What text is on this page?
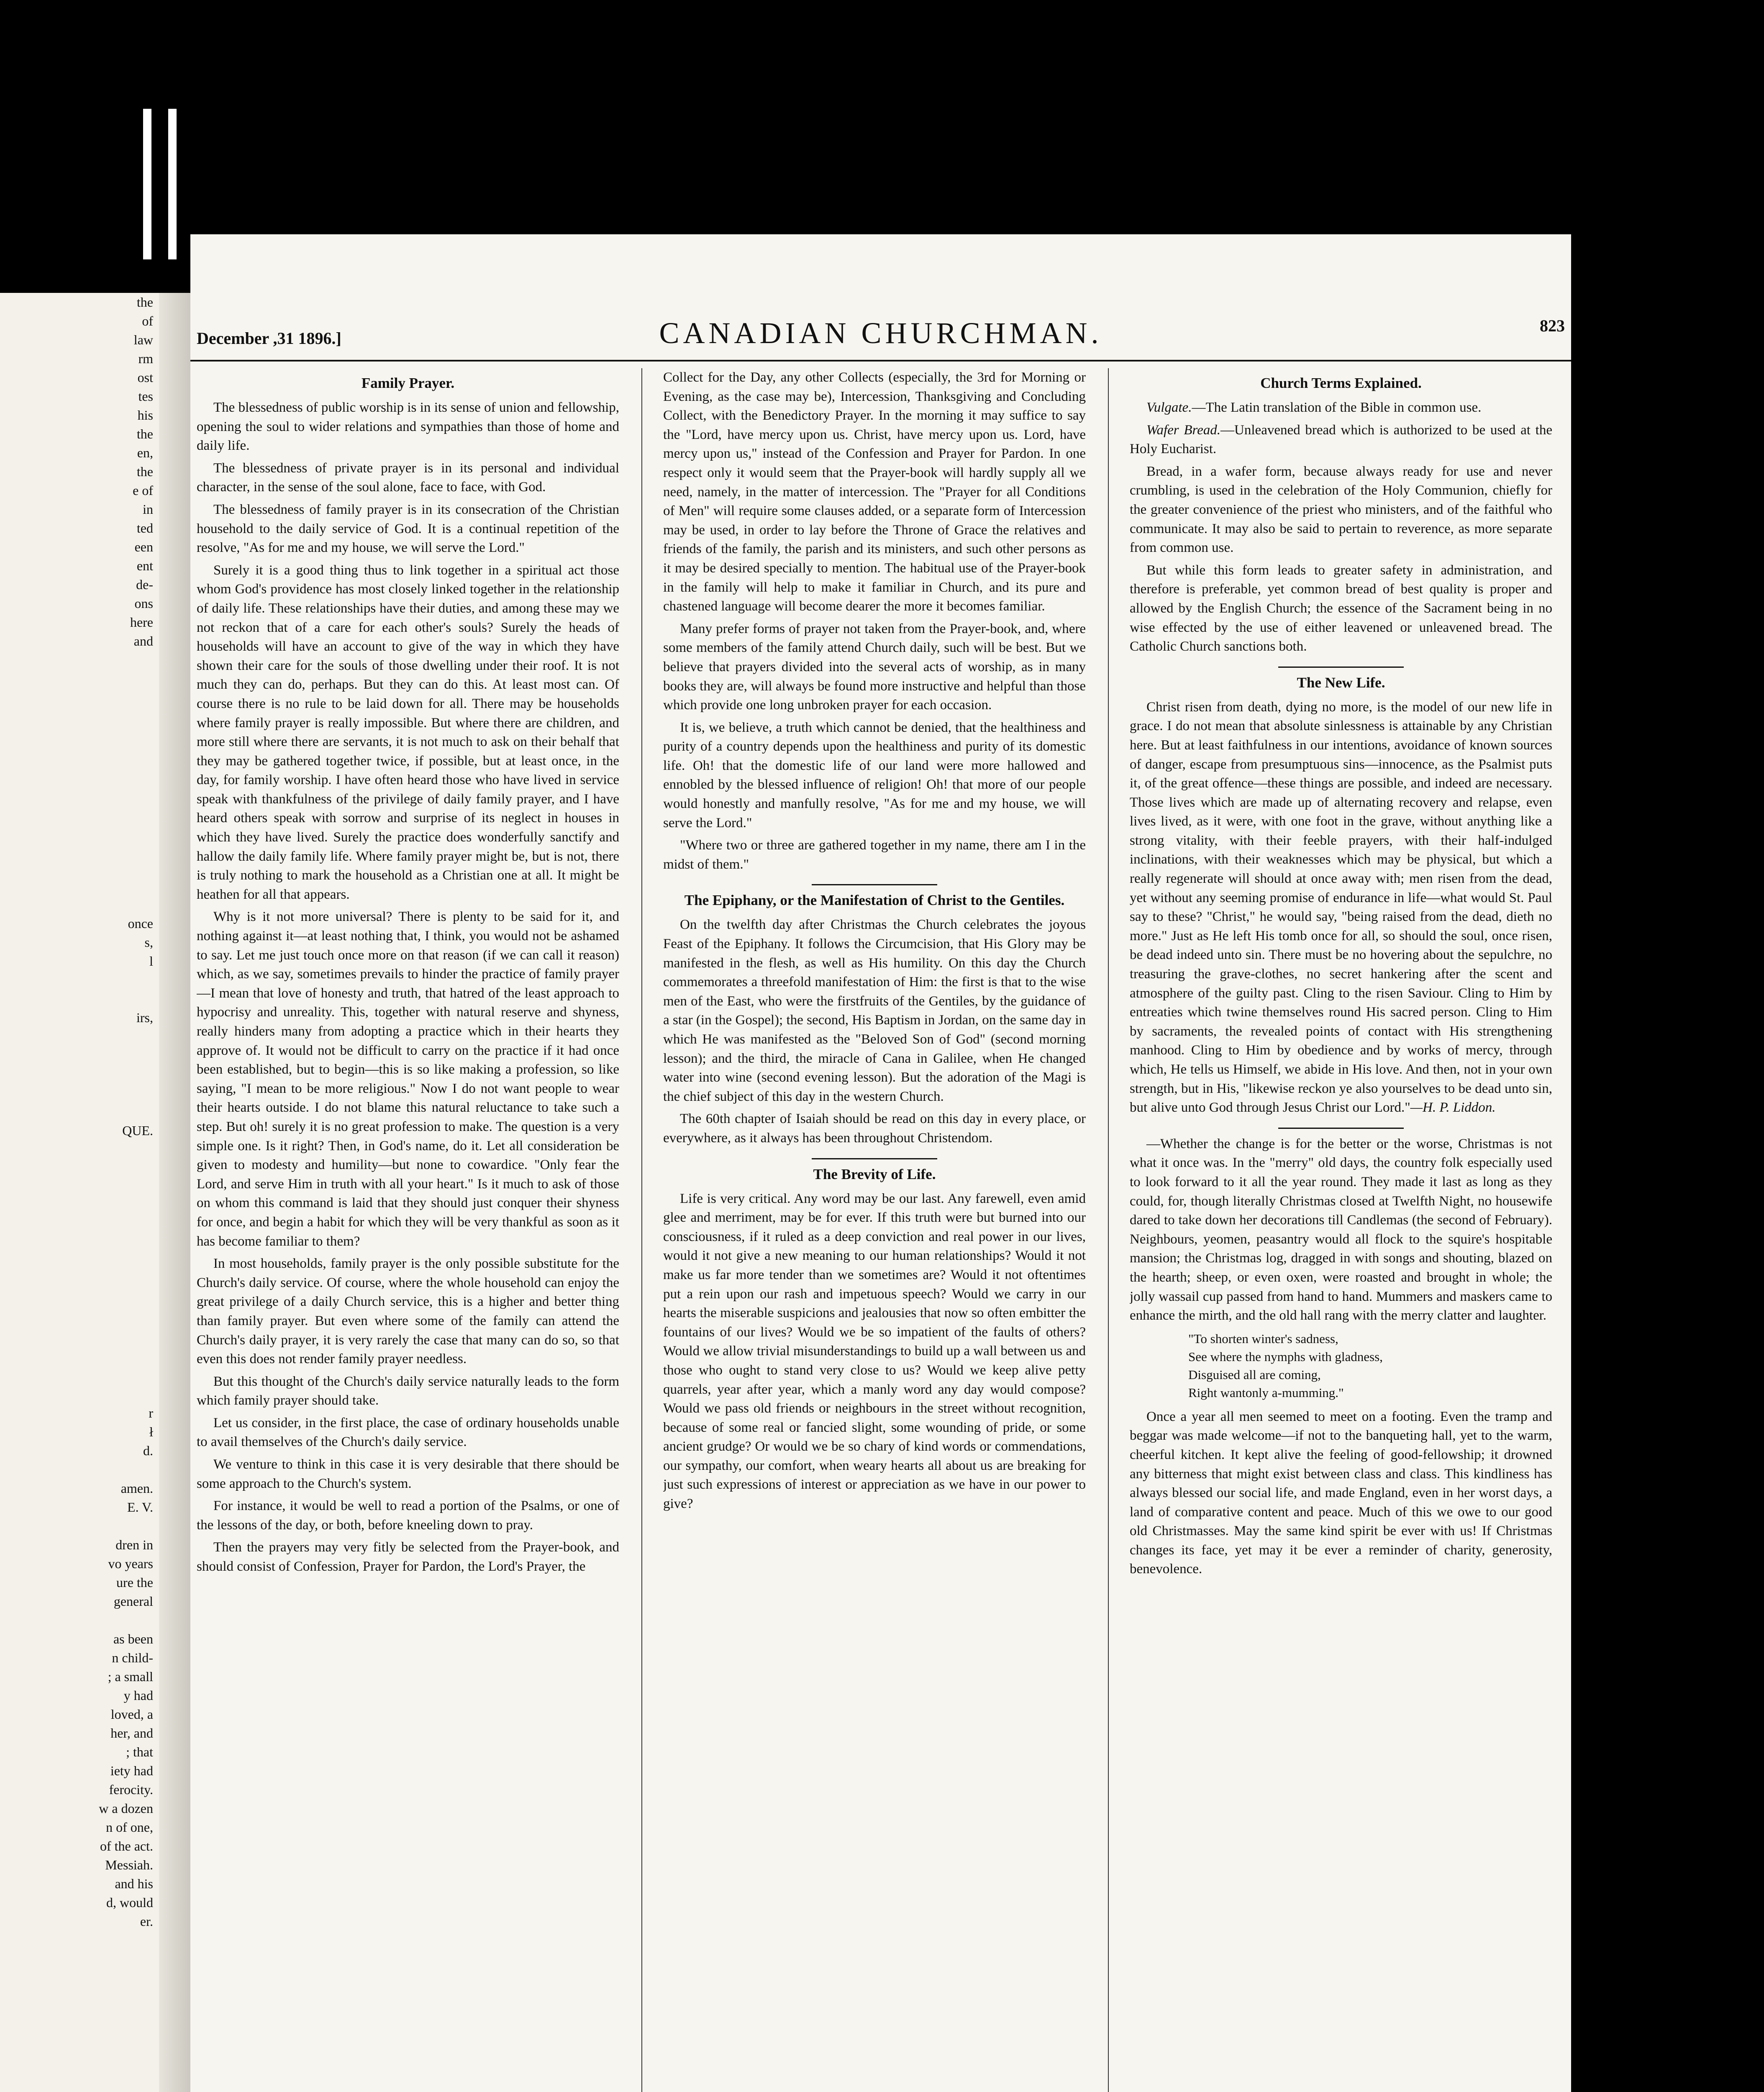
the

of

law

rm

ost

tes

his

the

en,

the

e of

in

ted

een

ent

de-

ons

here

and

once

s,

l

irs,

QUE.

r

ł

d.

amen.

E. V.

dren in

vo years

ure the

general

as been

n child-

; a small

y had

loved, a

her, and

; that

iety had

ferocity.

w a dozen

n of one,

of the act.

Messiah.

and his

d, would

er.

December ,31 1896.]	CANADIAN CHURCHMAN.	823
Family Prayer.

The blessedness of public worship is in its sense of union and fellowship, opening the soul to wider relations and sympathies than those of home and daily life.

The blessedness of private prayer is in its personal and individual character, in the sense of the soul alone, face to face, with God.

The blessedness of family prayer is in its consecration of the Christian household to the daily service of God. It is a continual repetition of the resolve, "As for me and my house, we will serve the Lord."

Surely it is a good thing thus to link together in a spiritual act those whom God's providence has most closely linked together in the relationship of daily life. These relationships have their duties, and among these may we not reckon that of a care for each other's souls? Surely the heads of households will have an account to give of the way in which they have shown their care for the souls of those dwelling under their roof. It is not much they can do, perhaps. But they can do this. At least most can. Of course there is no rule to be laid down for all. There may be households where family prayer is really impossible. But where there are children, and more still where there are servants, it is not much to ask on their behalf that they may be gathered together twice, if possible, but at least once, in the day, for family worship. I have often heard those who have lived in service speak with thankfulness of the privilege of daily family prayer, and I have heard others speak with sorrow and surprise of its neglect in houses in which they have lived. Surely the practice does wonderfully sanctify and hallow the daily family life. Where family prayer might be, but is not, there is truly nothing to mark the household as a Christian one at all. It might be heathen for all that appears.

Why is it not more universal? There is plenty to be said for it, and nothing against it—at least nothing that, I think, you would not be ashamed to say. Let me just touch once more on that reason (if we can call it reason) which, as we say, sometimes prevails to hinder the practice of family prayer—I mean that love of honesty and truth, that hatred of the least approach to hypocrisy and unreality. This, together with natural reserve and shyness, really hinders many from adopting a practice which in their hearts they approve of. It would not be difficult to carry on the practice if it had once been established, but to begin—this is so like making a profession, so like saying, "I mean to be more religious." Now I do not want people to wear their hearts outside. I do not blame this natural reluctance to take such a step. But oh! surely it is no great profession to make. The question is a very simple one. Is it right? Then, in God's name, do it. Let all consideration be given to modesty and humility—but none to cowardice. "Only fear the Lord, and serve Him in truth with all your heart." Is it much to ask of those on whom this command is laid that they should just conquer their shyness for once, and begin a habit for which they will be very thankful as soon as it has become familiar to them?

In most households, family prayer is the only possible substitute for the Church's daily service. Of course, where the whole household can enjoy the great privilege of a daily Church service, this is a higher and better thing than family prayer. But even where some of the family can attend the Church's daily prayer, it is very rarely the case that many can do so, so that even this does not render family prayer needless.

But this thought of the Church's daily service naturally leads to the form which family prayer should take.

Let us consider, in the first place, the case of ordinary households unable to avail themselves of the Church's daily service.

We venture to think in this case it is very desirable that there should be some approach to the Church's system.

For instance, it would be well to read a portion of the Psalms, or one of the lessons of the day, or both, before kneeling down to pray.

Then the prayers may very fitly be selected from the Prayer-book, and should consist of Confession, Prayer for Pardon, the Lord's Prayer, the

Collect for the Day, any other Collects (especially, the 3rd for Morning or Evening, as the case may be), Intercession, Thanksgiving and Concluding Collect, with the Benedictory Prayer. In the morning it may suffice to say the "Lord, have mercy upon us. Christ, have mercy upon us. Lord, have mercy upon us," instead of the Confession and Prayer for Pardon. In one respect only it would seem that the Prayer-book will hardly supply all we need, namely, in the matter of intercession. The "Prayer for all Conditions of Men" will require some clauses added, or a separate form of Intercession may be used, in order to lay before the Throne of Grace the relatives and friends of the family, the parish and its ministers, and such other persons as it may be desired specially to mention. The habitual use of the Prayer-book in the family will help to make it familiar in Church, and its pure and chastened language will become dearer the more it becomes familiar.

Many prefer forms of prayer not taken from the Prayer-book, and, where some members of the family attend Church daily, such will be best. But we believe that prayers divided into the several acts of worship, as in many books they are, will always be found more instructive and helpful than those which provide one long unbroken prayer for each occasion.

It is, we believe, a truth which cannot be denied, that the healthiness and purity of a country depends upon the healthiness and purity of its domestic life. Oh! that the domestic life of our land were more hallowed and ennobled by the blessed influence of religion! Oh! that more of our people would honestly and manfully resolve, "As for me and my house, we will serve the Lord."

"Where two or three are gathered together in my name, there am I in the midst of them."

The Epiphany, or the Manifestation of Christ to the Gentiles.

On the twelfth day after Christmas the Church celebrates the joyous Feast of the Epiphany. It follows the Circumcision, that His Glory may be manifested in the flesh, as well as His humility. On this day the Church commemorates a threefold manifestation of Him: the first is that to the wise men of the East, who were the firstfruits of the Gentiles, by the guidance of a star (in the Gospel); the second, His Baptism in Jordan, on the same day in which He was manifested as the "Beloved Son of God" (second morning lesson); and the third, the miracle of Cana in Galilee, when He changed water into wine (second evening lesson). But the adoration of the Magi is the chief subject of this day in the western Church.

The 60th chapter of Isaiah should be read on this day in every place, or everywhere, as it always has been throughout Christendom.

The Brevity of Life.

Life is very critical. Any word may be our last. Any farewell, even amid glee and merriment, may be for ever. If this truth were but burned into our consciousness, if it ruled as a deep conviction and real power in our lives, would it not give a new meaning to our human relationships? Would it not make us far more tender than we sometimes are? Would it not oftentimes put a rein upon our rash and impetuous speech? Would we carry in our hearts the miserable suspicions and jealousies that now so often embitter the fountains of our lives? Would we be so impatient of the faults of others? Would we allow trivial misunderstandings to build up a wall between us and those who ought to stand very close to us? Would we keep alive petty quarrels, year after year, which a manly word any day would compose? Would we pass old friends or neighbours in the street without recognition, because of some real or fancied slight, some wounding of pride, or some ancient grudge? Or would we be so chary of kind words or commendations, our sympathy, our comfort, when weary hearts all about us are breaking for just such expressions of interest or appreciation as we have in our power to give?

Church Terms Explained.

Vulgate.—The Latin translation of the Bible in common use.

Wafer Bread.—Unleavened bread which is authorized to be used at the Holy Eucharist.

Bread, in a wafer form, because always ready for use and never crumbling, is used in the celebration of the Holy Communion, chiefly for the greater convenience of the priest who ministers, and of the faithful who communicate. It may also be said to pertain to reverence, as more separate from common use.

But while this form leads to greater safety in administration, and therefore is preferable, yet common bread of best quality is proper and allowed by the English Church; the essence of the Sacrament being in no wise effected by the use of either leavened or unleavened bread. The Catholic Church sanctions both.

The New Life.

Christ risen from death, dying no more, is the model of our new life in grace. I do not mean that absolute sinlessness is attainable by any Christian here. But at least faithfulness in our intentions, avoidance of known sources of danger, escape from presumptuous sins—innocence, as the Psalmist puts it, of the great offence—these things are possible, and indeed are necessary. Those lives which are made up of alternating recovery and relapse, even lives lived, as it were, with one foot in the grave, without anything like a strong vitality, with their feeble prayers, with their half-indulged inclinations, with their weaknesses which may be physical, but which a really regenerate will should at once away with; men risen from the dead, yet without any seeming promise of endurance in life—what would St. Paul say to these? "Christ," he would say, "being raised from the dead, dieth no more." Just as He left His tomb once for all, so should the soul, once risen, be dead indeed unto sin. There must be no hovering about the sepulchre, no treasuring the grave-clothes, no secret hankering after the scent and atmosphere of the guilty past. Cling to the risen Saviour. Cling to Him by entreaties which twine themselves round His sacred person. Cling to Him by sacraments, the revealed points of contact with His strengthening manhood. Cling to Him by obedience and by works of mercy, through which, He tells us Himself, we abide in His love. And then, not in your own strength, but in His, "likewise reckon ye also yourselves to be dead unto sin, but alive unto God through Jesus Christ our Lord."—H. P. Liddon.

—Whether the change is for the better or the worse, Christmas is not what it once was. In the "merry" old days, the country folk especially used to look forward to it all the year round. They made it last as long as they could, for, though literally Christmas closed at Twelfth Night, no housewife dared to take down her decorations till Candlemas (the second of February). Neighbours, yeomen, peasantry would all flock to the squire's hospitable mansion; the Christmas log, dragged in with songs and shouting, blazed on the hearth; sheep, or even oxen, were roasted and brought in whole; the jolly wassail cup passed from hand to hand. Mummers and maskers came to enhance the mirth, and the old hall rang with the merry clatter and laughter.

"To shorten winter's sadness,
See where the nymphs with gladness,
Disguised all are coming,
Right wantonly a-mumming."

Once a year all men seemed to meet on a footing. Even the tramp and beggar was made welcome—if not to the banqueting hall, yet to the warm, cheerful kitchen. It kept alive the feeling of good-fellowship; it drowned any bitterness that might exist between class and class. This kindliness has always blessed our social life, and made England, even in her worst days, a land of comparative content and peace. Much of this we owe to our good old Christmasses. May the same kind spirit be ever with us! If Christmas changes its face, yet may it be ever a reminder of charity, generosity, benevolence.
